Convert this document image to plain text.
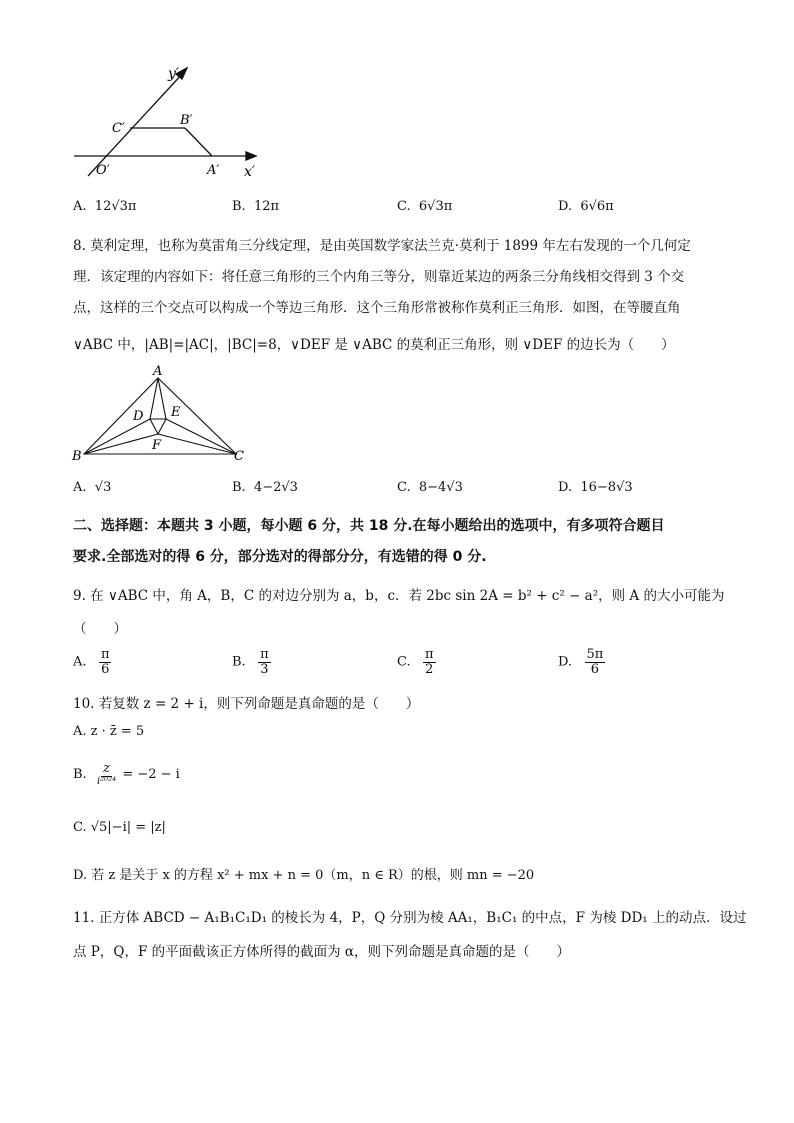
y′
x′
C′
B′
O′	A′
A. 12√3π	B. 12π	C. 6√3π	D. 6√6π
8. 莫利定理，也称为莫雷角三分线定理，是由英国数学家法兰克·莫利于 1899 年左右发现的一个几何定
理．该定理的内容如下：将任意三角形的三个内角三等分，则靠近某边的两条三分角线相交得到 3 个交
点，这样的三个交点可以构成一个等边三角形．这个三角形常被称作莫利正三角形．如图，在等腰直角
∨ABC 中，|AB|=|AC|，|BC|=8，∨DEF 是 ∨ABC 的莫利正三角形，则 ∨DEF 的边长为（　　）
A
B	C
D E
F
A. √3	B. 4−2√3	C. 8−4√3	D. 16−8√3
二、选择题：本题共 3 小题，每小题 6 分，共 18 分.在每小题给出的选项中，有多项符合题目
要求.全部选对的得 6 分，部分选对的得部分分，有选错的得 0 分.
9. 在 ∨ABC 中，角 A，B，C 的对边分别为 a，b，c．若 2bc sin 2A = b² + c² − a²，则 A 的大小可能为
（　　）
A. $\frac{\pi}{6}$	B. $\frac{\pi}{3}$	C. $\frac{\pi}{2}$	D. $\frac{5\pi}{6}$
10. 若复数 z = 2 + i，则下列命题是真命题的是（　　）
A. z · z̄ = 5
B. $\frac{z}{\text{i²⁰²⁴}} = -2 - i$
C. √5|−i| = |z|
D. 若 z 是关于 x 的方程 x² + mx + n = 0（m，n ∈ R）的根，则 mn = −20
11. 正方体 ABCD − A₁B₁C₁D₁ 的棱长为 4，P，Q 分别为棱 AA₁，B₁C₁ 的中点，F 为棱 DD₁ 上的动点．设过
点 P，Q，F 的平面截该正方体所得的截面为 α，则下列命题是真命题的是（　　）
